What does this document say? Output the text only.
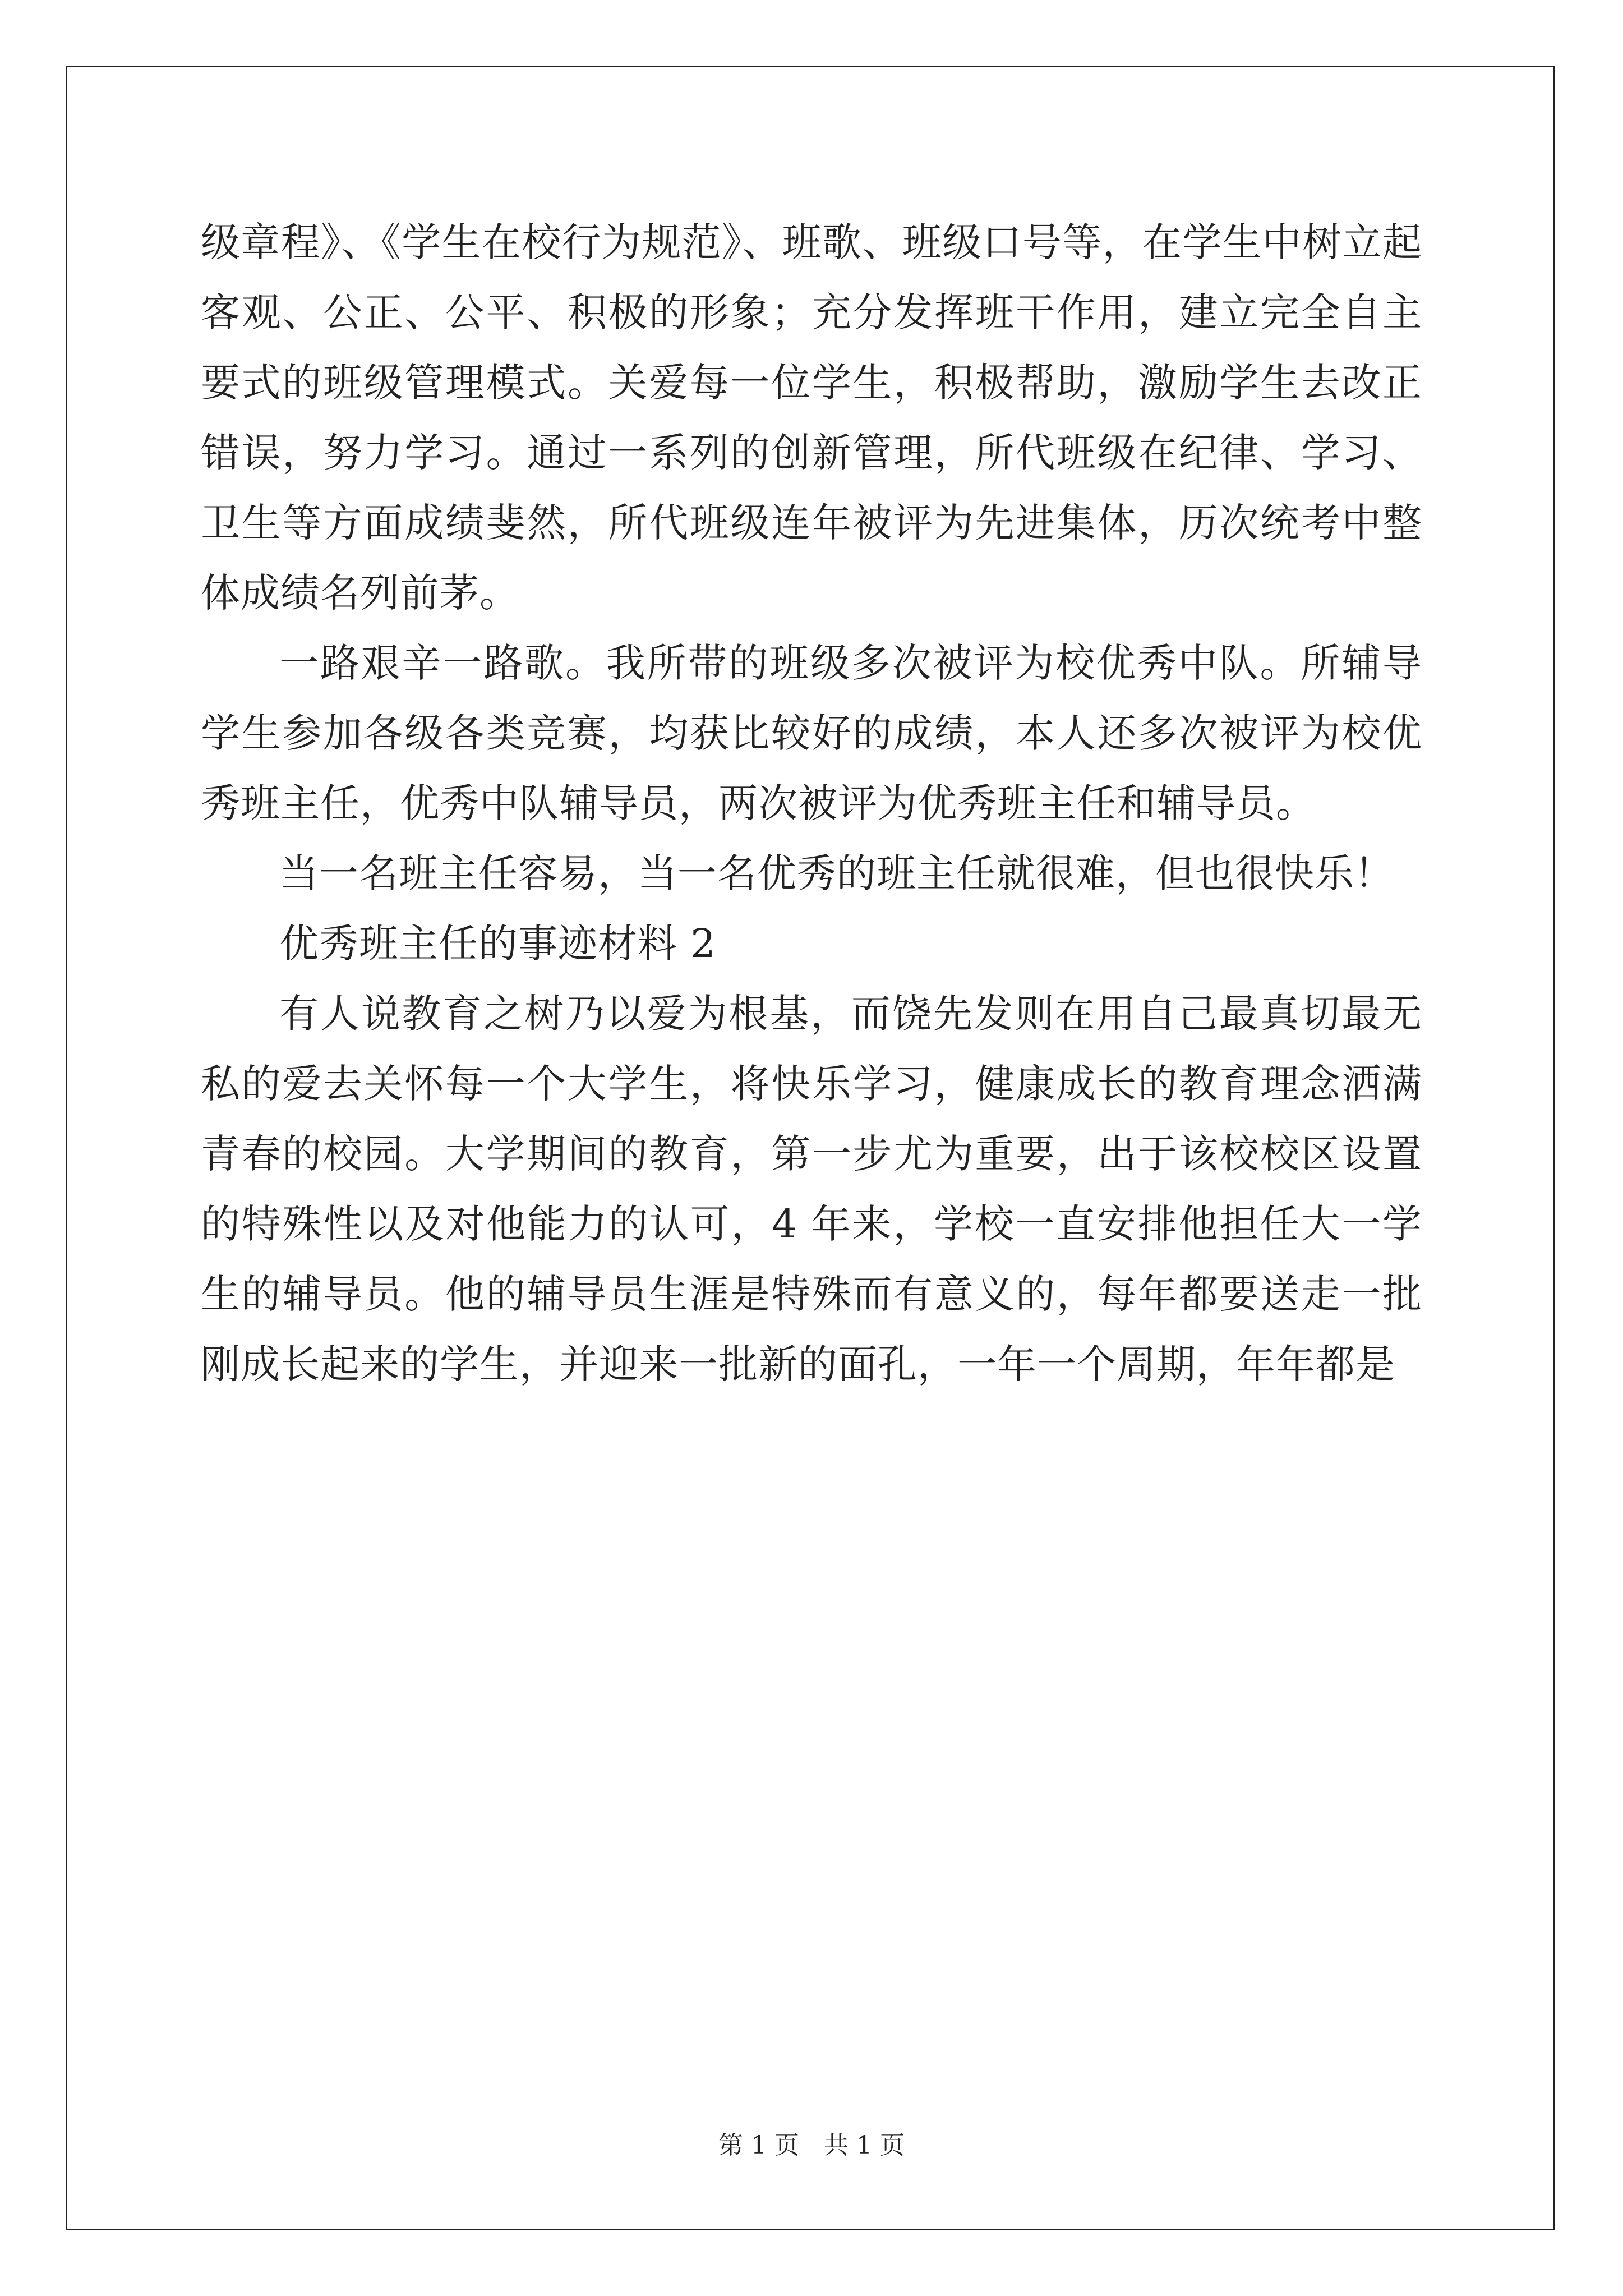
级章程》、《学生在校行为规范》、班歌、班级口号等，在学生中树立起客观、公正、公平、积极的形象；充分发挥班干作用，建立完全自主要式的班级管理模式。关爱每一位学生，积极帮助，激励学生去改正错误，努力学习。通过一系列的创新管理，所代班级在纪律、学习、卫生等方面成绩斐然，所代班级连年被评为先进集体，历次统考中整体成绩名列前茅。

一路艰辛一路歌。我所带的班级多次被评为校优秀中队。所辅导学生参加各级各类竞赛，均获比较好的成绩，本人还多次被评为校优秀班主任，优秀中队辅导员，两次被评为优秀班主任和辅导员。

当一名班主任容易，当一名优秀的班主任就很难，但也很快乐！

优秀班主任的事迹材料 2

有人说教育之树乃以爱为根基，而饶先发则在用自己最真切最无私的爱去关怀每一个大学生，将快乐学习，健康成长的教育理念洒满青春的校园。大学期间的教育，第一步尤为重要，出于该校校区设置的特殊性以及对他能力的认可，4 年来，学校一直安排他担任大一学生的辅导员。他的辅导员生涯是特殊而有意义的，每年都要送走一批刚成长起来的学生，并迎来一批新的面孔，一年一个周期，年年都是

第 1 页　共 1 页
